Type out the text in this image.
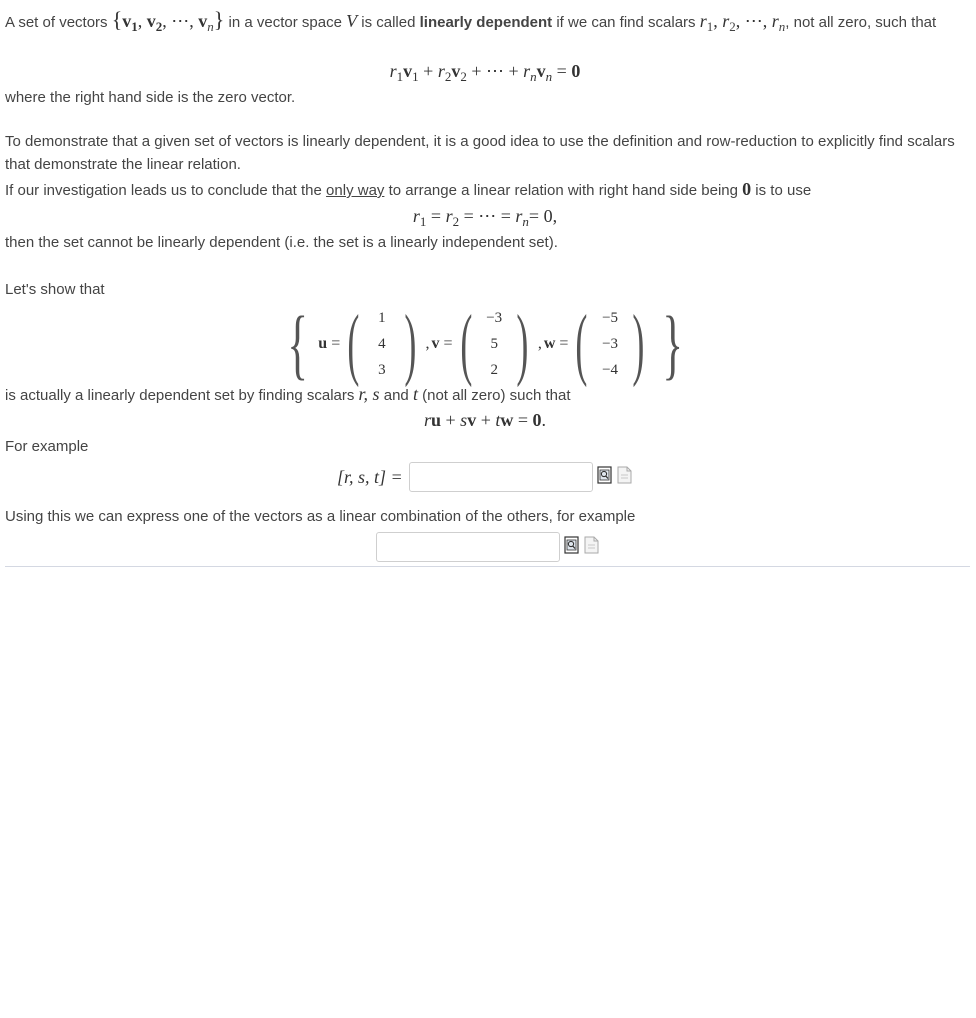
A set of vectors {v1, v2, ⋯, vn} in a vector space V is called linearly dependent if we can find scalars r1, r2, ⋯, rn, not all zero, such that

$r_1v_1 + r_2v_2$ + ⋯ + $r_nv_n = 0$

where the right hand side is the zero vector.

To demonstrate that a given set of vectors is linearly dependent, it is a good idea to use the definition and row-reduction to explicitly find scalars that demonstrate the linear relation.

If our investigation leads us to conclude that the only way to arrange a linear relation with right hand side being 0 is to use

$r_1 = r_2$ = ⋯ = $r_n= 0$,

then the set cannot be linearly dependent (i.e. the set is a linearly independent set).

Let's show that

{ u = ( 1
4
3 ) , v = ( −3
5
2 ) , w = ( −5
−3
−4 ) }

is actually a linearly dependent set by finding scalars r, s and t (not all zero) such that

ru + sv + tw = 0.

For example

[r, s, t] =

Using this we can express one of the vectors as a linear combination of the others, for example
